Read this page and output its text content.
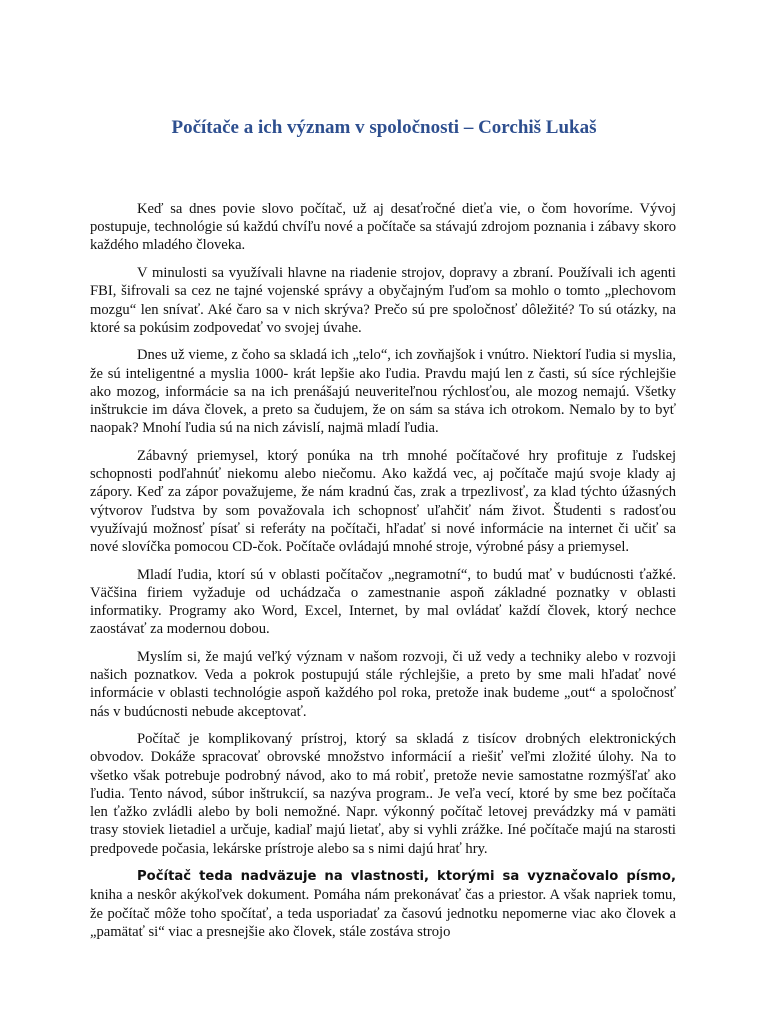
Počítače a ich význam v spoločnosti – Corchiš Lukaš

Keď sa dnes povie slovo počítač, už aj desaťročné dieťa vie, o čom hovoríme. Vývoj postupuje, technológie sú každú chvíľu nové a počítače sa stávajú zdrojom poznania i zábavy skoro každého mladého človeka.

V minulosti sa využívali hlavne na riadenie strojov, dopravy a zbraní. Používali ich agenti FBI, šifrovali sa cez ne tajné vojenské správy a obyčajným ľuďom sa mohlo o tomto „plechovom mozgu“ len snívať. Aké čaro sa v nich skrýva? Prečo sú pre spoločnosť dôležité? To sú otázky, na ktoré sa pokúsim zodpovedať vo svojej úvahe.

Dnes už vieme, z čoho sa skladá ich „telo“, ich zovňajšok i vnútro. Niektorí ľudia si myslia, že sú inteligentné a myslia 1000- krát lepšie ako ľudia. Pravdu majú len z časti, sú síce rýchlejšie ako mozog, informácie sa na ich prenášajú neuveriteľnou rýchlosťou, ale mozog nemajú. Všetky inštrukcie im dáva človek, a preto sa čudujem, že on sám sa stáva ich otrokom. Nemalo by to byť naopak? Mnohí ľudia sú na nich závislí, najmä mladí ľudia.

Zábavný priemysel, ktorý ponúka na trh mnohé počítačové hry profituje z ľudskej schopnosti podľahnúť niekomu alebo niečomu. Ako každá vec, aj počítače majú svoje klady aj zápory. Keď za zápor považujeme, že nám kradnú čas, zrak a trpezlivosť, za klad týchto úžasných výtvorov ľudstva by som považovala ich schopnosť uľahčiť nám život. Študenti s radosťou využívajú možnosť písať si referáty na počítači, hľadať si nové informácie na internet či učiť sa nové slovíčka pomocou CD-čok. Počítače ovládajú mnohé stroje, výrobné pásy a priemysel.

Mladí ľudia, ktorí sú v oblasti počítačov „negramotní“, to budú mať v budúcnosti ťažké. Väčšina firiem vyžaduje od uchádzača o zamestnanie aspoň základné poznatky v oblasti informatiky. Programy ako Word, Excel, Internet, by mal ovládať každí človek, ktorý nechce zaostávať za modernou dobou.

Myslím si, že majú veľký význam v našom rozvoji, či už vedy a techniky alebo v rozvoji našich poznatkov. Veda a pokrok postupujú stále rýchlejšie, a preto by sme mali hľadať nové informácie v oblasti technológie aspoň každého pol roka, pretože inak budeme „out“ a spoločnosť nás v budúcnosti nebude akceptovať.

Počítač je komplikovaný prístroj, ktorý sa skladá z tisícov drobných elektronických obvodov. Dokáže spracovať obrovské množstvo informácií a riešiť veľmi zložité úlohy. Na to všetko však potrebuje podrobný návod, ako to má robiť, pretože nevie samostatne rozmýšľať ako ľudia. Tento návod, súbor inštrukcií, sa nazýva program.. Je veľa vecí, ktoré by sme bez počítača len ťažko zvládli alebo by boli nemožné. Napr. výkonný počítač letovej prevádzky má v pamäti trasy stoviek lietadiel a určuje, kadiaľ majú lietať, aby si vyhli zrážke. Iné počítače majú na starosti predpovede počasia, lekárske prístroje alebo sa s nimi dajú hrať hry.

Počítač teda nadväzuje na vlastnosti, ktorými sa vyznačovalo písmo, kniha a neskôr akýkoľvek dokument. Pomáha nám prekonávať čas a priestor. A však napriek tomu, že počítač môže toho spočítať, a teda usporiadať za časovú jednotku nepomerne viac ako človek a „pamätať si“ viac a presnejšie ako človek, stále zostáva strojo
